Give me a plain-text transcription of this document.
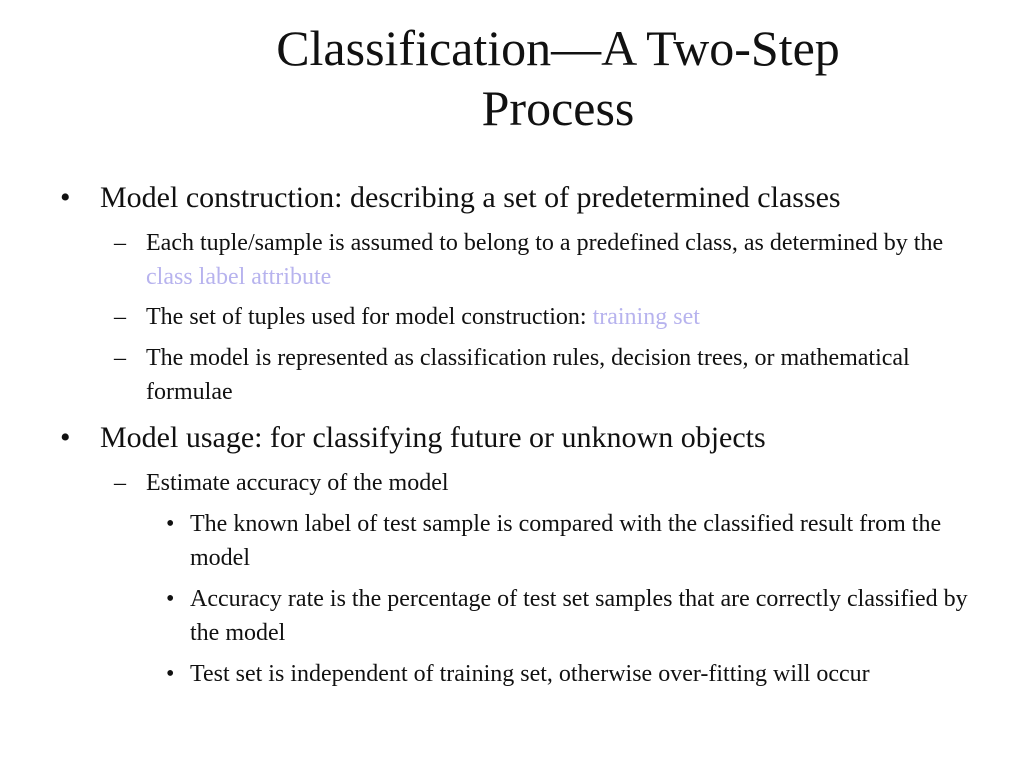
Classification—A Two-Step
Process

• Model construction: describing a set of predetermined classes

– Each tuple/sample is assumed to belong to a predefined class, as determined by the class label attribute

– The set of tuples used for model construction: training set

– The model is represented as classification rules, decision trees, or mathematical formulae

• Model usage: for classifying future or unknown objects

– Estimate accuracy of the model

• The known label of test sample is compared with the classified result from the model

• Accuracy rate is the percentage of test set samples that are correctly classified by the model

• Test set is independent of training set, otherwise over-fitting will occur
